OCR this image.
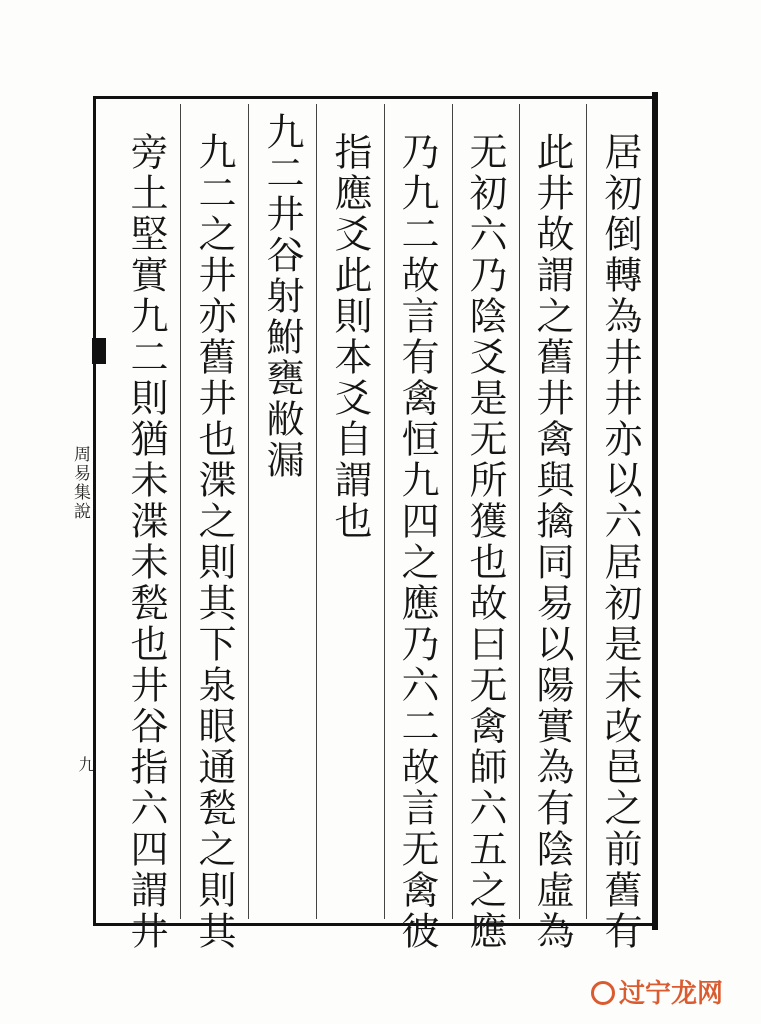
周易集說
九	居初倒轉為井井亦以六居初是未改邑之前舊有
此井故謂之舊井禽與擒同易以陽實為有陰虛為
无初六乃陰爻是无所獲也故曰无禽師六五之應
乃九二故言有禽恒九四之應乃六二故言无禽彼
指應爻此則本爻自謂也
九二井谷射鮒甕敝漏
九二之井亦舊井也渫之則其下泉眼通甃之則其
旁土堅實九二則猶未渫未甃也井谷指六四謂井
过宁龙网
